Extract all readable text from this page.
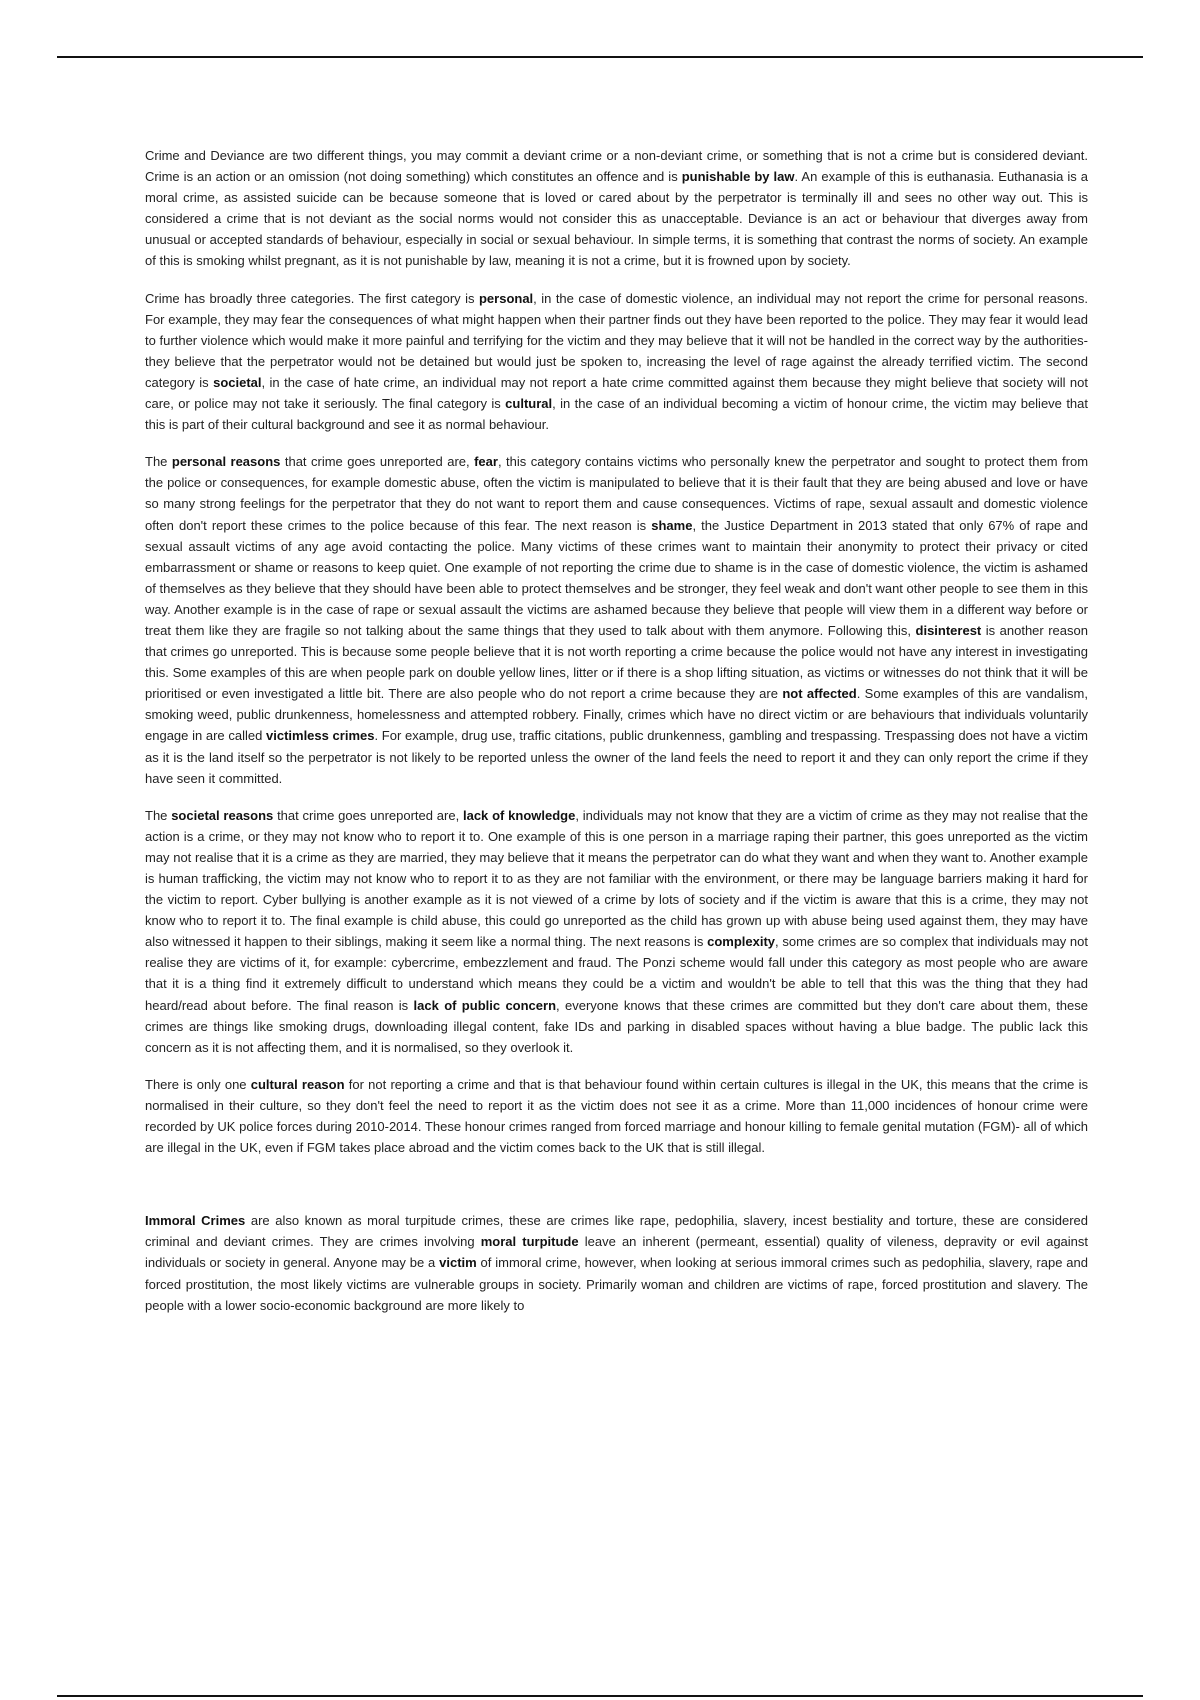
Crime and Deviance are two different things, you may commit a deviant crime or a non-deviant crime, or something that is not a crime but is considered deviant. Crime is an action or an omission (not doing something) which constitutes an offence and is punishable by law. An example of this is euthanasia. Euthanasia is a moral crime, as assisted suicide can be because someone that is loved or cared about by the perpetrator is terminally ill and sees no other way out. This is considered a crime that is not deviant as the social norms would not consider this as unacceptable. Deviance is an act or behaviour that diverges away from unusual or accepted standards of behaviour, especially in social or sexual behaviour. In simple terms, it is something that contrast the norms of society. An example of this is smoking whilst pregnant, as it is not punishable by law, meaning it is not a crime, but it is frowned upon by society.

Crime has broadly three categories. The first category is personal, in the case of domestic violence, an individual may not report the crime for personal reasons. For example, they may fear the consequences of what might happen when their partner finds out they have been reported to the police. They may fear it would lead to further violence which would make it more painful and terrifying for the victim and they may believe that it will not be handled in the correct way by the authorities- they believe that the perpetrator would not be detained but would just be spoken to, increasing the level of rage against the already terrified victim. The second category is societal, in the case of hate crime, an individual may not report a hate crime committed against them because they might believe that society will not care, or police may not take it seriously. The final category is cultural, in the case of an individual becoming a victim of honour crime, the victim may believe that this is part of their cultural background and see it as normal behaviour.

The personal reasons that crime goes unreported are, fear, this category contains victims who personally knew the perpetrator and sought to protect them from the police or consequences, for example domestic abuse, often the victim is manipulated to believe that it is their fault that they are being abused and love or have so many strong feelings for the perpetrator that they do not want to report them and cause consequences. Victims of rape, sexual assault and domestic violence often don't report these crimes to the police because of this fear. The next reason is shame, the Justice Department in 2013 stated that only 67% of rape and sexual assault victims of any age avoid contacting the police. Many victims of these crimes want to maintain their anonymity to protect their privacy or cited embarrassment or shame or reasons to keep quiet. One example of not reporting the crime due to shame is in the case of domestic violence, the victim is ashamed of themselves as they believe that they should have been able to protect themselves and be stronger, they feel weak and don't want other people to see them in this way. Another example is in the case of rape or sexual assault the victims are ashamed because they believe that people will view them in a different way before or treat them like they are fragile so not talking about the same things that they used to talk about with them anymore. Following this, disinterest is another reason that crimes go unreported. This is because some people believe that it is not worth reporting a crime because the police would not have any interest in investigating this. Some examples of this are when people park on double yellow lines, litter or if there is a shop lifting situation, as victims or witnesses do not think that it will be prioritised or even investigated a little bit. There are also people who do not report a crime because they are not affected. Some examples of this are vandalism, smoking weed, public drunkenness, homelessness and attempted robbery. Finally, crimes which have no direct victim or are behaviours that individuals voluntarily engage in are called victimless crimes. For example, drug use, traffic citations, public drunkenness, gambling and trespassing. Trespassing does not have a victim as it is the land itself so the perpetrator is not likely to be reported unless the owner of the land feels the need to report it and they can only report the crime if they have seen it committed.

The societal reasons that crime goes unreported are, lack of knowledge, individuals may not know that they are a victim of crime as they may not realise that the action is a crime, or they may not know who to report it to. One example of this is one person in a marriage raping their partner, this goes unreported as the victim may not realise that it is a crime as they are married, they may believe that it means the perpetrator can do what they want and when they want to. Another example is human trafficking, the victim may not know who to report it to as they are not familiar with the environment, or there may be language barriers making it hard for the victim to report. Cyber bullying is another example as it is not viewed of a crime by lots of society and if the victim is aware that this is a crime, they may not know who to report it to. The final example is child abuse, this could go unreported as the child has grown up with abuse being used against them, they may have also witnessed it happen to their siblings, making it seem like a normal thing. The next reasons is complexity, some crimes are so complex that individuals may not realise they are victims of it, for example: cybercrime, embezzlement and fraud. The Ponzi scheme would fall under this category as most people who are aware that it is a thing find it extremely difficult to understand which means they could be a victim and wouldn't be able to tell that this was the thing that they had heard/read about before. The final reason is lack of public concern, everyone knows that these crimes are committed but they don't care about them, these crimes are things like smoking drugs, downloading illegal content, fake IDs and parking in disabled spaces without having a blue badge. The public lack this concern as it is not affecting them, and it is normalised, so they overlook it.

There is only one cultural reason for not reporting a crime and that is that behaviour found within certain cultures is illegal in the UK, this means that the crime is normalised in their culture, so they don't feel the need to report it as the victim does not see it as a crime. More than 11,000 incidences of honour crime were recorded by UK police forces during 2010-2014. These honour crimes ranged from forced marriage and honour killing to female genital mutation (FGM)- all of which are illegal in the UK, even if FGM takes place abroad and the victim comes back to the UK that is still illegal.

Immoral Crimes are also known as moral turpitude crimes, these are crimes like rape, pedophilia, slavery, incest bestiality and torture, these are considered criminal and deviant crimes. They are crimes involving moral turpitude leave an inherent (permeant, essential) quality of vileness, depravity or evil against individuals or society in general. Anyone may be a victim of immoral crime, however, when looking at serious immoral crimes such as pedophilia, slavery, rape and forced prostitution, the most likely victims are vulnerable groups in society. Primarily woman and children are victims of rape, forced prostitution and slavery. The people with a lower socio-economic background are more likely to
